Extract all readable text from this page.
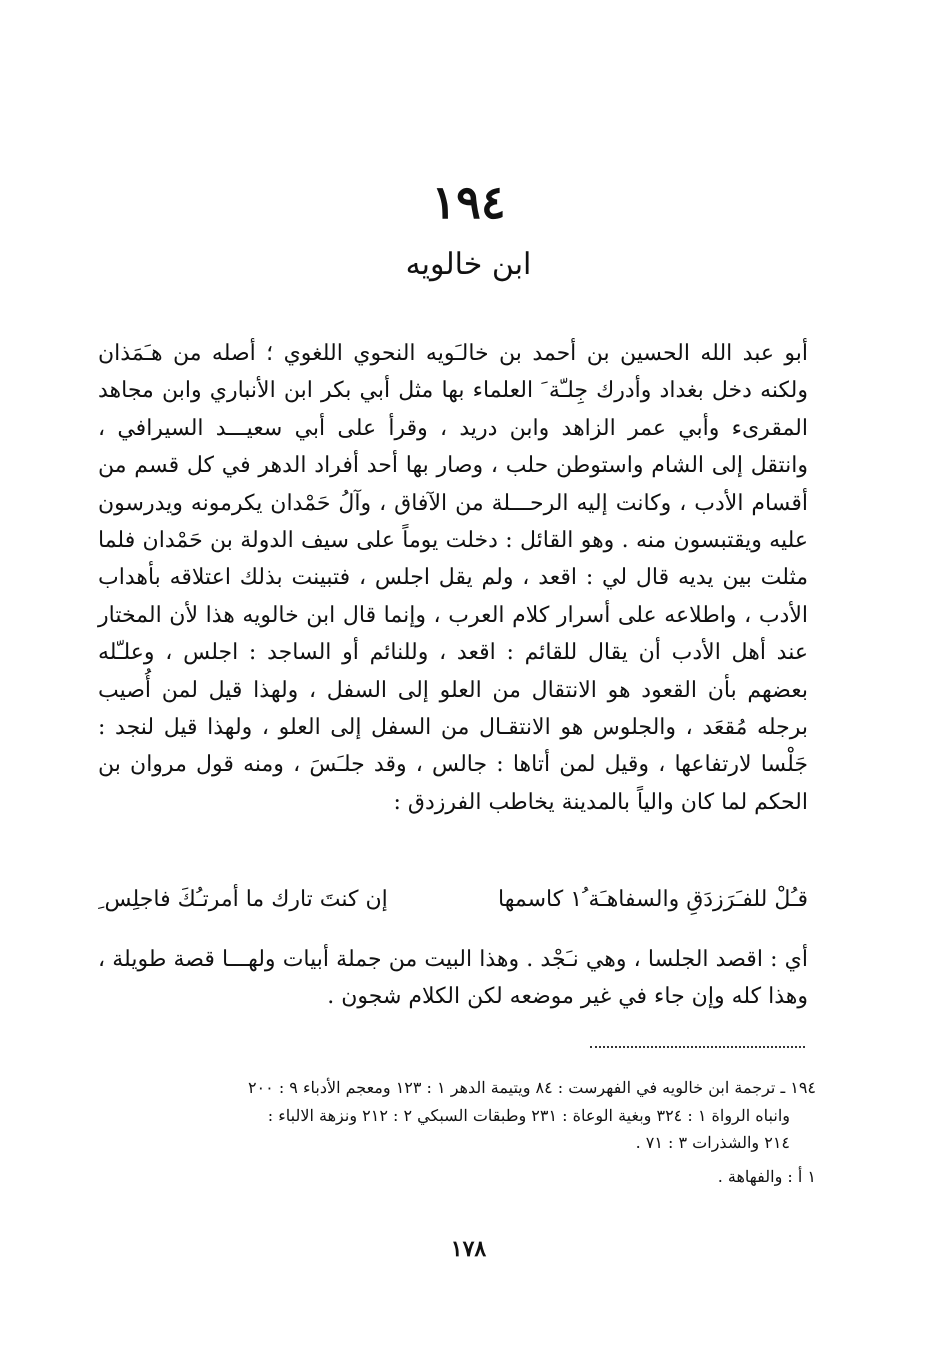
١٩٤
ابن خالويه

أبو عبد الله الحسين بن أحمد بن خالـَويه النحوي اللغوي ؛ أصله من هـَمَذان ولكنه دخل بغداد وأدرك جِلـّة َ العلماء بها مثل أبي بكر ابن الأنباري وابن مجاهد المقرىء وأبي عمر الزاهد وابن دريد ، وقرأ على أبي سعيـــد السيرافي ، وانتقل إلى الشام واستوطن حلب ، وصار بها أحد أفراد الدهر في كل قسم من أقسام الأدب ، وكانت إليه الرحـــلة من الآفاق ، وآلُ حَمْدان يكرمونه ويدرسون عليه ويقتبسون منه . وهو القائل : دخلت يوماً على سيف الدولة بن حَمْدان فلما مثلت بين يديه قال لي : اقعد ، ولم يقل اجلس ، فتبينت بذلك اعتلاقه بأهداب الأدب ، واطلاعه على أسرار كلام العرب ، وإنما قال ابن خالويه هذا لأن المختار عند أهل الأدب أن يقال للقائم : اقعد ، وللنائم أو الساجد : اجلس ، وعلـّله بعضهم بأن القعود هو الانتقال من العلو إلى السفل ، ولهذا قيل لمن أُصيب برجله مُقعَد ، والجلوس هو الانتقـال من السفل إلى العلو ، ولهذا قيل لنجد : جَلْسا لارتفاعها ، وقيل لمن أتاها : جالس ، وقد جلـَسَ ، ومنه قول مروان بن الحكم لما كان والياً بالمدينة يخاطب الفرزدق :

قـُلْ للفـَرَزدَقِ والسفاهـَة ُ١ كاسمها
إن كنتَ تارك ما أمرتـُكَ فاجلِس ِ

أي : اقصد الجلسا ، وهي نـَجْد . وهذا البيت من جملة أبيات ولهـــا قصة طويلة ، وهذا كله وإن جاء في غير موضعه لكن الكلام شجون .

١٩٤ ـ ترجمة ابن خالويه في الفهرست : ٨٤ ويتيمة الدهر ١ : ١٢٣ ومعجم الأدباء ٩ : ٢٠٠

وانباه الرواة ١ : ٣٢٤ وبغية الوعاة : ٢٣١ وطبقات السبكي ٢ : ٢١٢ ونزهة الالباء :

٢١٤ والشذرات ٣ : ٧١ .

١ أ : والفهاهة .

١٧٨
